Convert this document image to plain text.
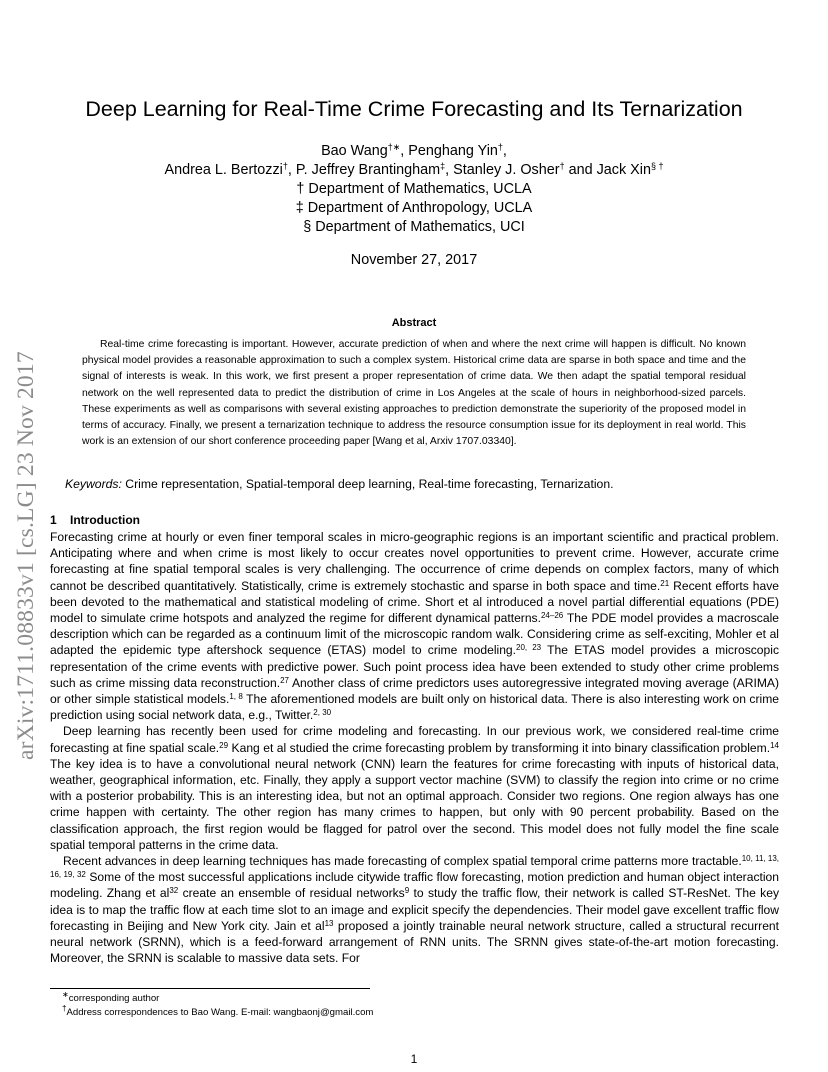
arXiv:1711.08833v1 [cs.LG] 23 Nov 2017
Deep Learning for Real-Time Crime Forecasting and Its Ternarization
Bao Wang†∗, Penghang Yin†,
Andrea L. Bertozzi†, P. Jeffrey Brantingham‡, Stanley J. Osher† and Jack Xin§ †
† Department of Mathematics, UCLA
‡ Department of Anthropology, UCLA
§ Department of Mathematics, UCI
November 27, 2017
Abstract

Real-time crime forecasting is important. However, accurate prediction of when and where the next crime will happen is difficult. No known physical model provides a reasonable approximation to such a complex system. Historical crime data are sparse in both space and time and the signal of interests is weak. In this work, we first present a proper representation of crime data. We then adapt the spatial temporal residual network on the well represented data to predict the distribution of crime in Los Angeles at the scale of hours in neighborhood-sized parcels. These experiments as well as comparisons with several existing approaches to prediction demonstrate the superiority of the proposed model in terms of accuracy. Finally, we present a ternarization technique to address the resource consumption issue for its deployment in real world. This work is an extension of our short conference proceeding paper [Wang et al, Arxiv 1707.03340].

Keywords: Crime representation, Spatial-temporal deep learning, Real-time forecasting, Ternarization.
1 Introduction

Forecasting crime at hourly or even finer temporal scales in micro-geographic regions is an important scientific and practical problem. Anticipating where and when crime is most likely to occur creates novel opportunities to prevent crime. However, accurate crime forecasting at fine spatial temporal scales is very challenging. The occurrence of crime depends on complex factors, many of which cannot be described quantitatively. Statistically, crime is extremely stochastic and sparse in both space and time.$^{21}$ Recent efforts have been devoted to the mathematical and statistical modeling of crime. Short et al introduced a novel partial differential equations (PDE) model to simulate crime hotspots and analyzed the regime for different dynamical patterns.$^{24-26}$ The PDE model provides a macroscale description which can be regarded as a continuum limit of the microscopic random walk. Considering crime as self-exciting, Mohler et al adapted the epidemic type aftershock sequence (ETAS) model to crime modeling.$^{20, 23}$ The ETAS model provides a microscopic representation of the crime events with predictive power. Such point process idea have been extended to study other crime problems such as crime missing data reconstruction.$^{27}$ Another class of crime predictors uses autoregressive integrated moving average (ARIMA) or other simple statistical models.$^{1, 8}$ The aforementioned models are built only on historical data. There is also interesting work on crime prediction using social network data, e.g., Twitter.$^{2, 30}$

Deep learning has recently been used for crime modeling and forecasting. In our previous work, we considered real-time crime forecasting at fine spatial scale.$^{29}$ Kang et al studied the crime forecasting problem by transforming it into binary classification problem.$^{14}$ The key idea is to have a convolutional neural network (CNN) learn the features for crime forecasting with inputs of historical data, weather, geographical information, etc. Finally, they apply a support vector machine (SVM) to classify the region into crime or no crime with a posterior probability. This is an interesting idea, but not an optimal approach. Consider two regions. One region always has one crime happen with certainty. The other region has many crimes to happen, but only with 90 percent probability. Based on the classification approach, the first region would be flagged for patrol over the second. This model does not fully model the fine scale spatial temporal patterns in the crime data.

Recent advances in deep learning techniques has made forecasting of complex spatial temporal crime patterns more tractable.$^{10, 11, 13, 16, 19, 32}$ Some of the most successful applications include citywide traffic flow forecasting, motion prediction and human object interaction modeling. Zhang et $al^{32}$ create an ensemble of residual networks$^9$ to study the traffic flow, their network is called ST-ResNet. The key idea is to map the traffic flow at each time slot to an image and explicit specify the dependencies. Their model gave excellent traffic flow forecasting in Beijing and New York city. Jain et $al^{13}$ proposed a jointly trainable neural network structure, called a structural recurrent neural network (SRNN), which is a feed-forward arrangement of RNN units. The SRNN gives state-of-the-art motion forecasting. Moreover, the SRNN is scalable to massive data sets. For

∗corresponding author
†Address correspondences to Bao Wang. E-mail: wangbaonj@gmail.com
1
